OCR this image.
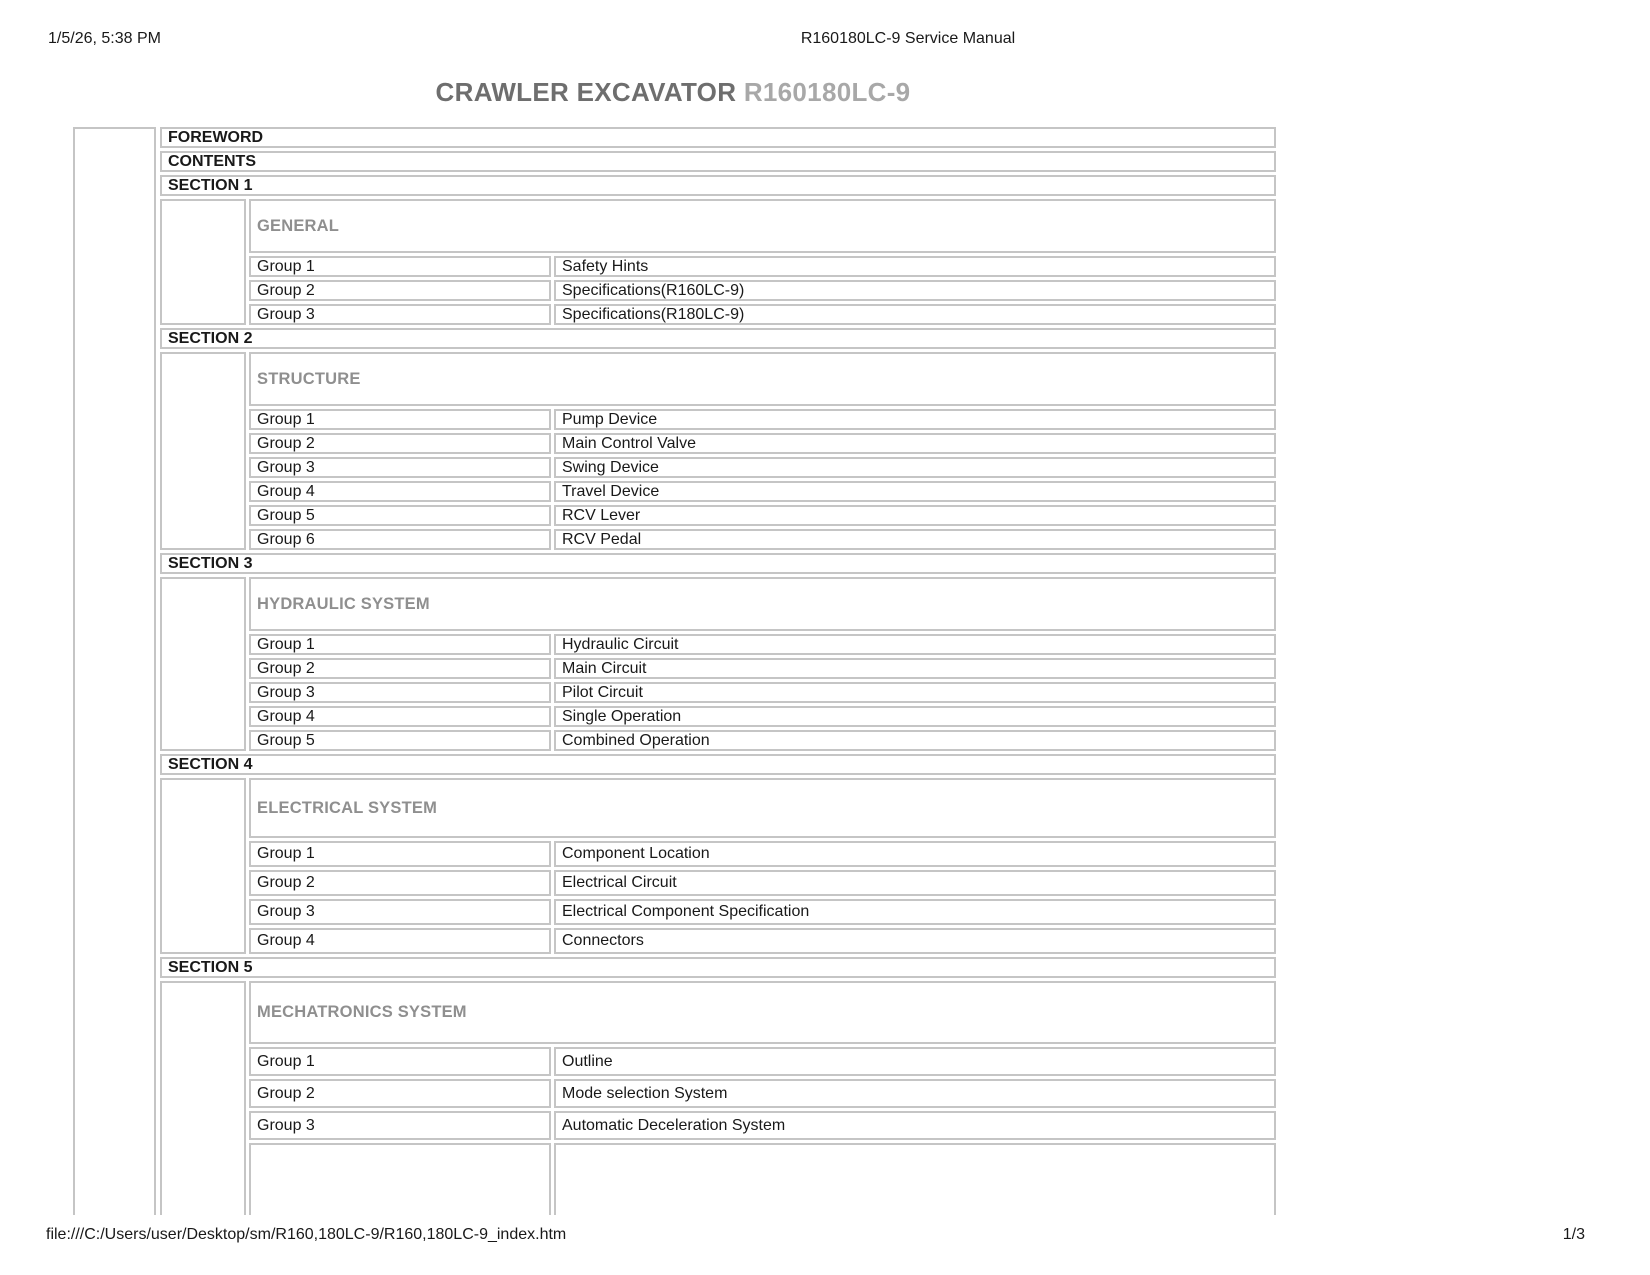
1/5/26, 5:38 PM	R160180LC-9 Service Manual
CRAWLER EXCAVATOR R160180LC-9
FOREWORD
CONTENTS
SECTION 1
GENERAL
Group 1	Safety Hints
Group 2	Specifications(R160LC-9)
Group 3	Specifications(R180LC-9)
SECTION 2
STRUCTURE
Group 1	Pump Device
Group 2	Main Control Valve
Group 3	Swing Device
Group 4	Travel Device
Group 5	RCV Lever
Group 6	RCV Pedal
SECTION 3
HYDRAULIC SYSTEM
Group 1	Hydraulic Circuit
Group 2	Main Circuit
Group 3	Pilot Circuit
Group 4	Single Operation
Group 5	Combined Operation
SECTION 4
ELECTRICAL SYSTEM
Group 1	Component Location
Group 2	Electrical Circuit
Group 3	Electrical Component Specification
Group 4	Connectors
SECTION 5
MECHATRONICS SYSTEM
Group 1	Outline
Group 2	Mode selection System
Group 3	Automatic Deceleration System
file:///C:/Users/user/Desktop/sm/R160,180LC-9/R160,180LC-9_index.htm	1/3
